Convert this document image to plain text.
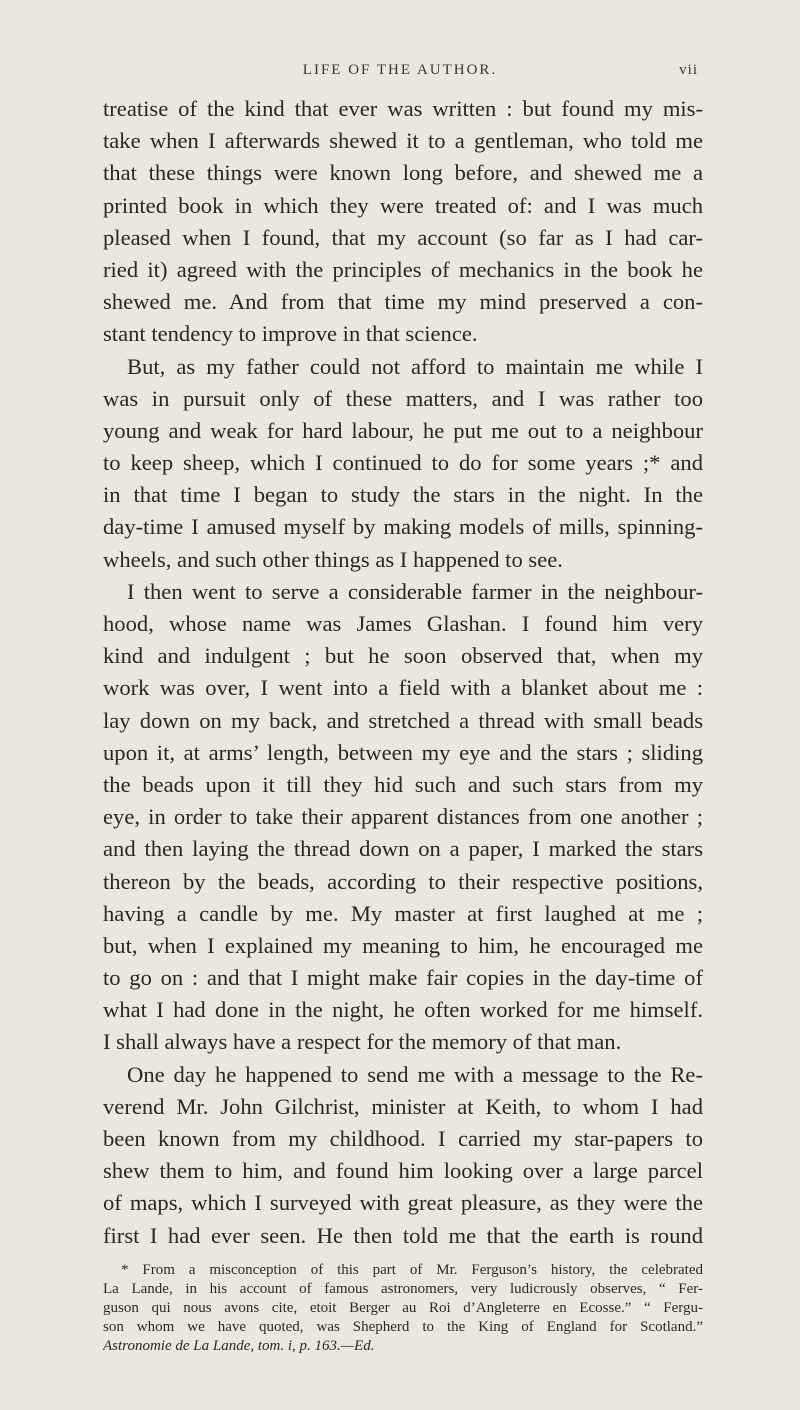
LIFE OF THE AUTHOR.	vii
treatise of the kind that ever was written : but found my mis-
take when I afterwards shewed it to a gentleman, who told me
that these things were known long before, and shewed me a
printed book in which they were treated of: and I was much
pleased when I found, that my account (so far as I had car-
ried it) agreed with the principles of mechanics in the book he
shewed me. And from that time my mind preserved a con-
stant tendency to improve in that science.
But, as my father could not afford to maintain me while I
was in pursuit only of these matters, and I was rather too
young and weak for hard labour, he put me out to a neighbour
to keep sheep, which I continued to do for some years ;* and
in that time I began to study the stars in the night. In the
day-time I amused myself by making models of mills, spinning-
wheels, and such other things as I happened to see.
I then went to serve a considerable farmer in the neighbour-
hood, whose name was James Glashan. I found him very
kind and indulgent ; but he soon observed that, when my
work was over, I went into a field with a blanket about me :
lay down on my back, and stretched a thread with small beads
upon it, at arms’ length, between my eye and the stars ; sliding
the beads upon it till they hid such and such stars from my
eye, in order to take their apparent distances from one another ;
and then laying the thread down on a paper, I marked the stars
thereon by the beads, according to their respective positions,
having a candle by me. My master at first laughed at me ;
but, when I explained my meaning to him, he encouraged me
to go on : and that I might make fair copies in the day-time of
what I had done in the night, he often worked for me himself.
I shall always have a respect for the memory of that man.
One day he happened to send me with a message to the Re-
verend Mr. John Gilchrist, minister at Keith, to whom I had
been known from my childhood. I carried my star-papers to
shew them to him, and found him looking over a large parcel
of maps, which I surveyed with great pleasure, as they were the
first I had ever seen. He then told me that the earth is round
* From a misconception of this part of Mr. Ferguson’s history, the celebrated
La Lande, in his account of famous astronomers, very ludicrously observes, “ Fer-
guson qui nous avons cite, etoit Berger au Roi d’Angleterre en Ecosse.” “ Fergu-
son whom we have quoted, was Shepherd to the King of England for Scotland.”
Astronomie de La Lande, tom. i, p. 163.—Ed.
